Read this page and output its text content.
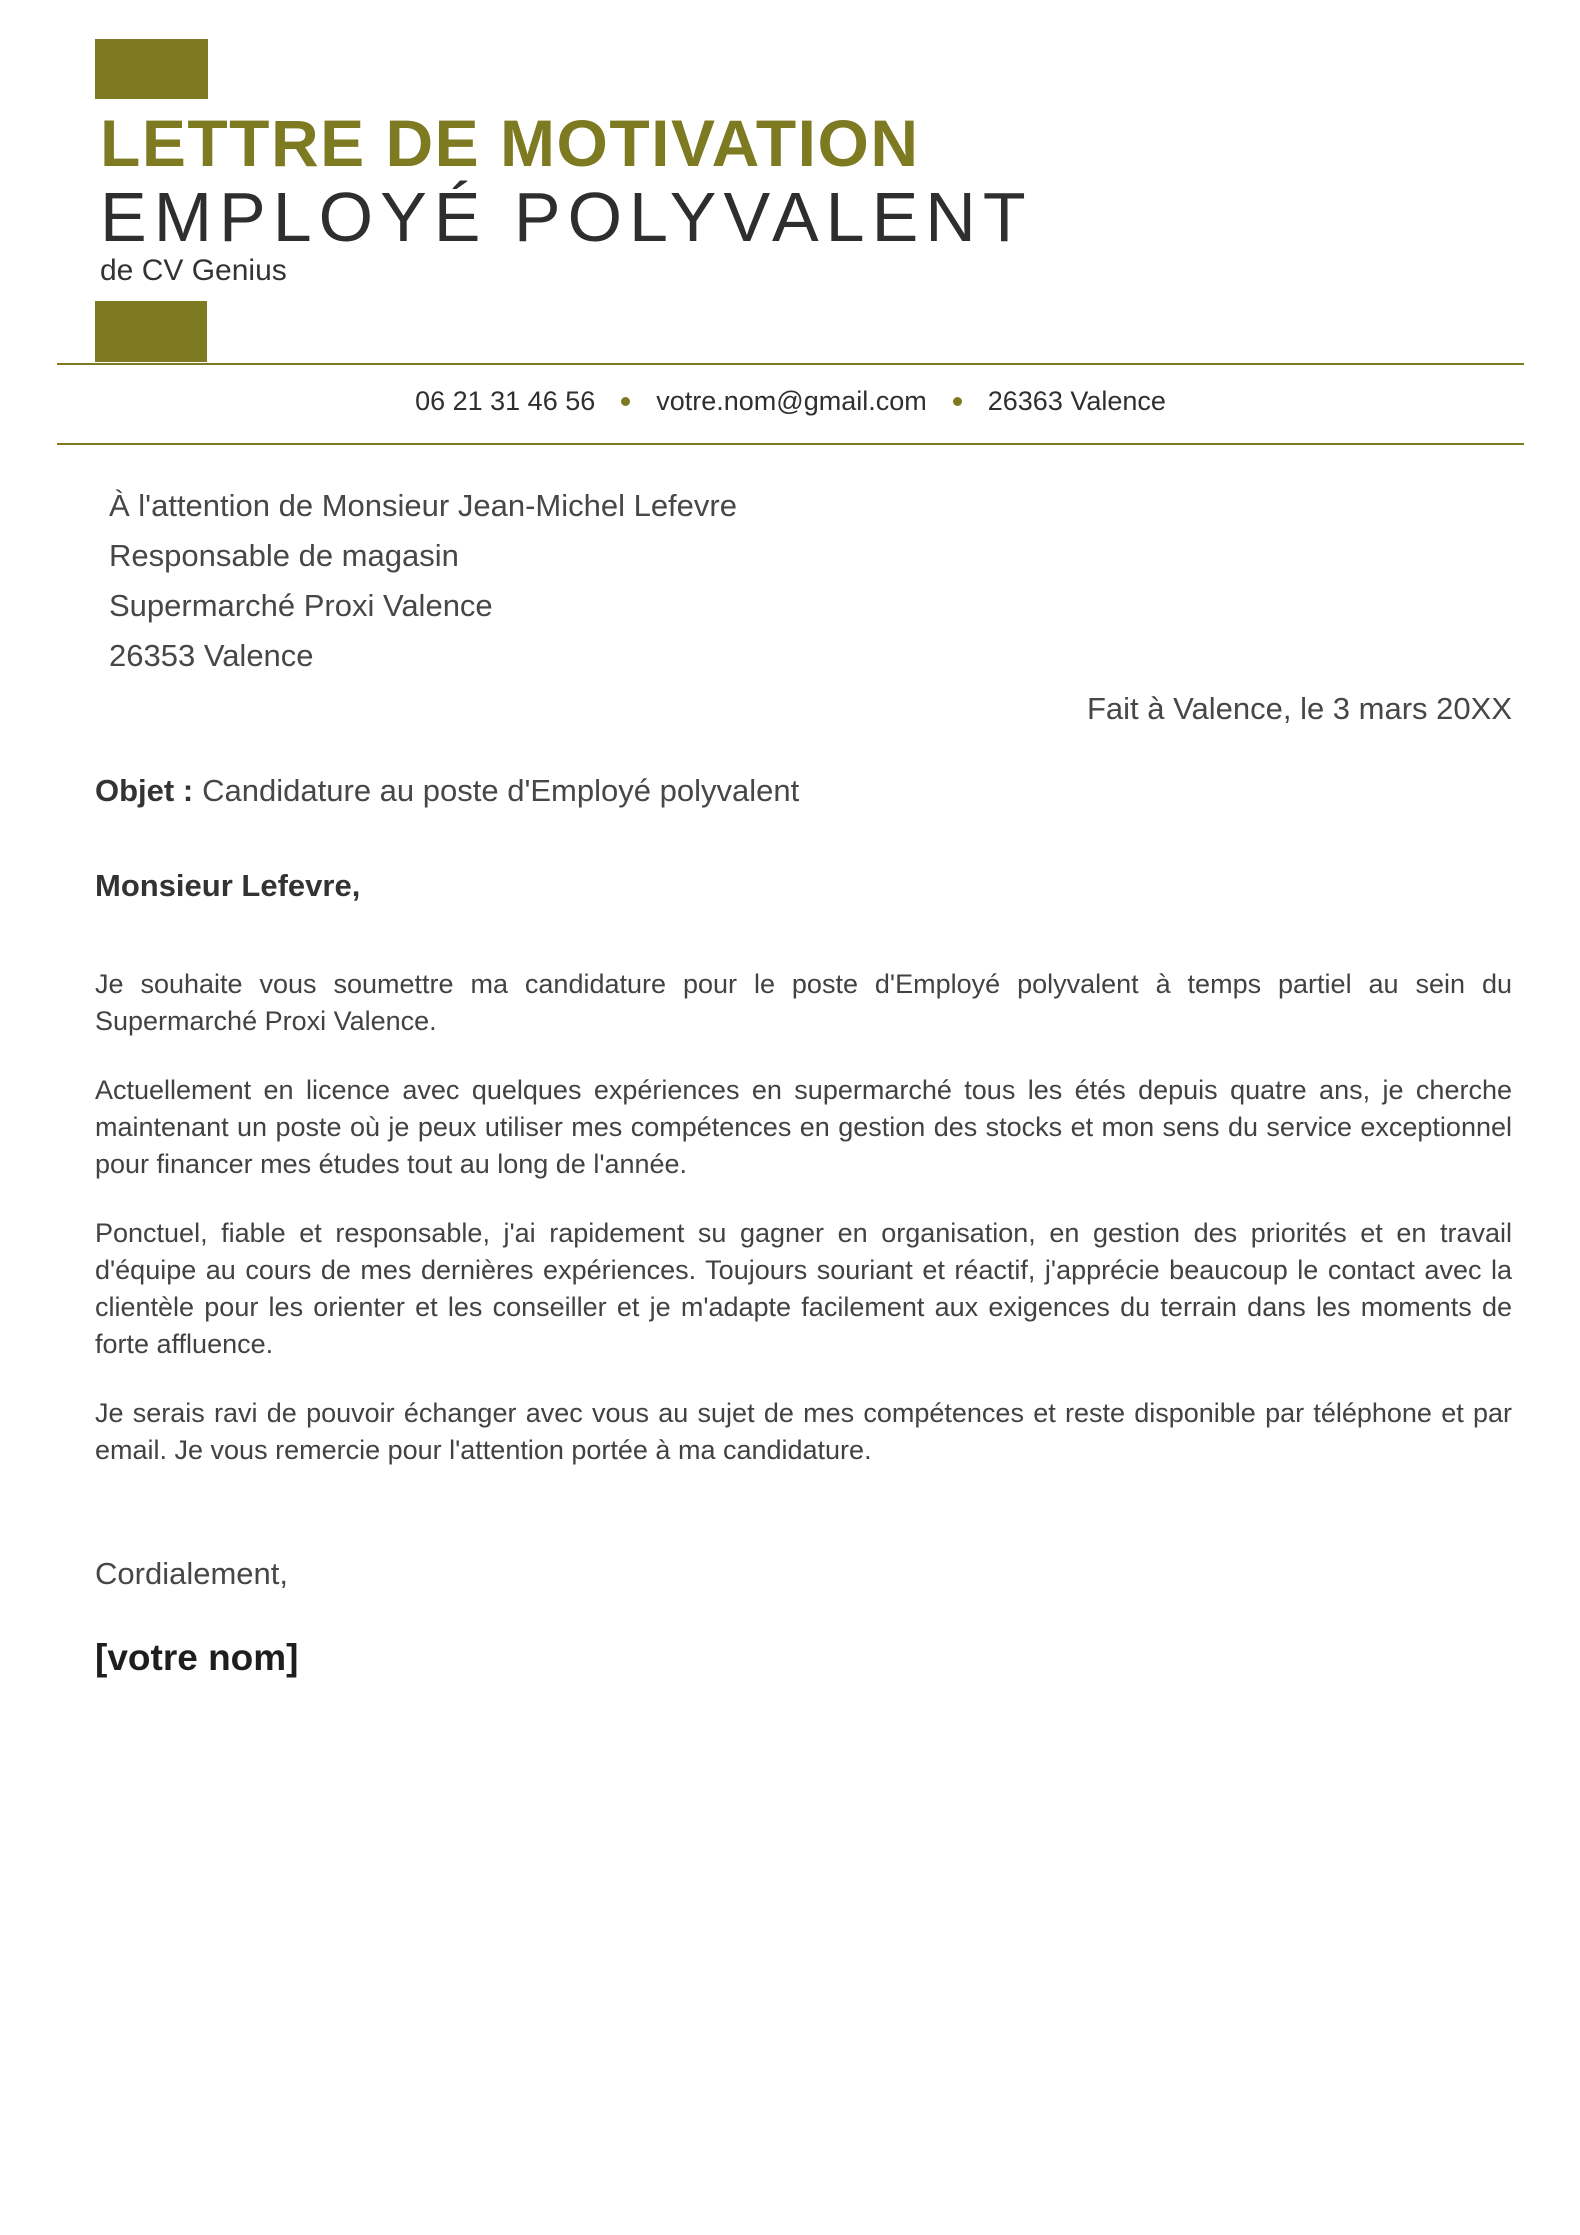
LETTRE DE MOTIVATION
EMPLOYÉ POLYVALENT
de CV Genius
06 21 31 46 56 votre.nom@gmail.com 26363 Valence
À l'attention de Monsieur Jean-Michel Lefevre
Responsable de magasin
Supermarché Proxi Valence
26353 Valence
Fait à Valence, le 3 mars 20XX
Objet : Candidature au poste d'Employé polyvalent
Monsieur Lefevre,

Je souhaite vous soumettre ma candidature pour le poste d'Employé polyvalent à temps partiel au sein du Supermarché Proxi Valence.

Actuellement en licence avec quelques expériences en supermarché tous les étés depuis quatre ans, je cherche maintenant un poste où je peux utiliser mes compétences en gestion des stocks et mon sens du service exceptionnel pour financer mes études tout au long de l'année.

Ponctuel, fiable et responsable, j'ai rapidement su gagner en organisation, en gestion des priorités et en travail d'équipe au cours de mes dernières expériences. Toujours souriant et réactif, j'apprécie beaucoup le contact avec la clientèle pour les orienter et les conseiller et je m'adapte facilement aux exigences du terrain dans les moments de forte affluence.

Je serais ravi de pouvoir échanger avec vous au sujet de mes compétences et reste disponible par téléphone et par email. Je vous remercie pour l'attention portée à ma candidature.

Cordialement,
[votre nom]
